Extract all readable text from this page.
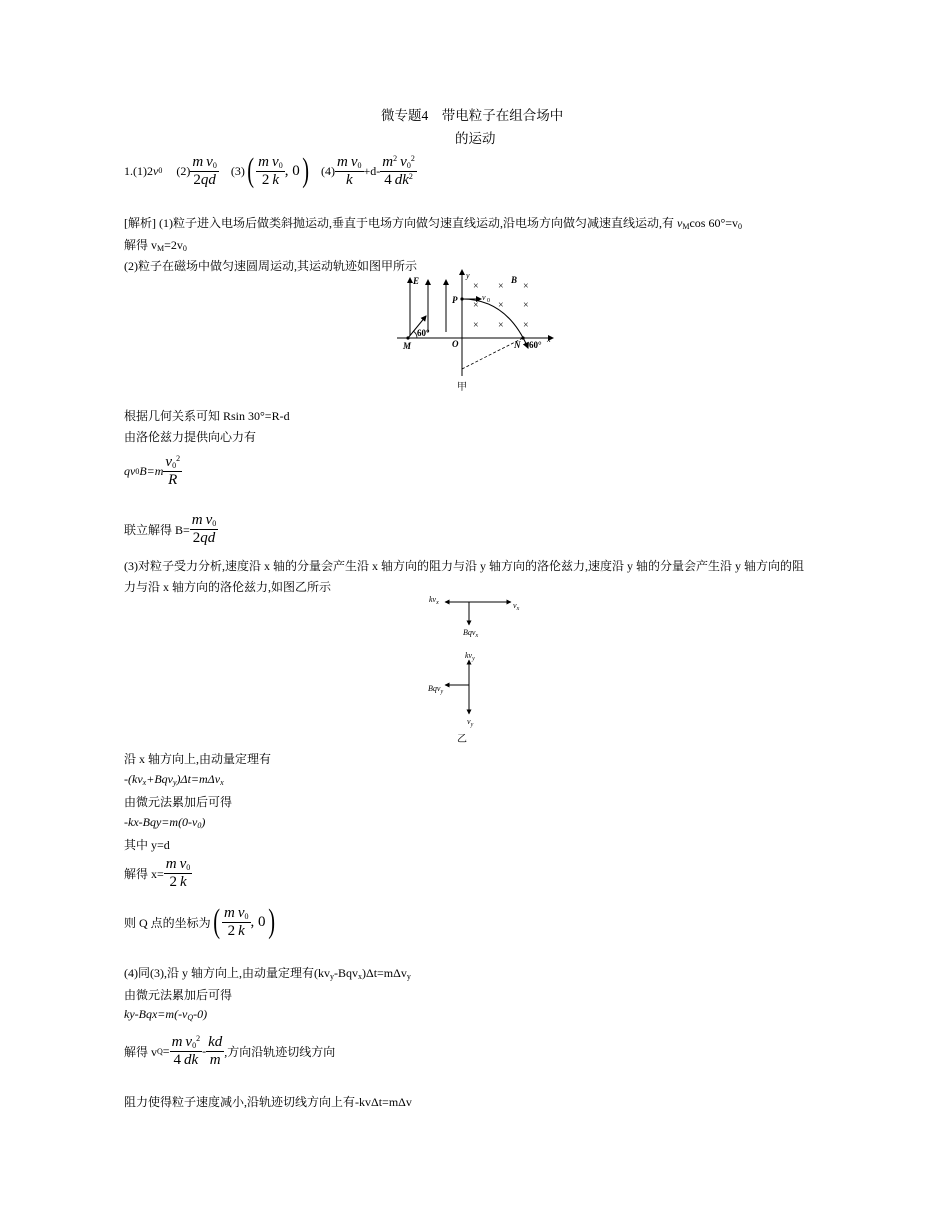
微专题4　带电粒子在组合场中
的运动
1.(1)2 v 0 $(2) \frac{m v_0}{2qd} (3)$ ( $\frac{m v_0}{2 k}$ , 0 ) $(4) \frac{m v_0}{k} +d- \frac{m^2 v_0^2}{4 dk^2}$
[解析] (1)粒子进入电场后做类斜抛运动,垂直于电场方向做匀速直线运动,沿电场方向做匀减速直线运动,有 $v_M\cos$ $60^\circ=v_0$
解得 $v_M=2v_0$
(2)粒子在磁场中做匀速圆周运动,其运动轨迹如图甲所示
E
x
y
× × ×
× × ×
× × ×
B
P	v 0
N 60°
60°
M	O
甲
根据几何关系可知 Rsin 30°=R-d
由洛伦兹力提供向心力有
qv 0 $B=m \frac{v_0^2}{R}$
联立解得 $B= \frac{m v_0}{2qd}$
(3)对粒子受力分析,速度沿 x 轴的分量会产生沿 x 轴方向的阻力与沿 y 轴方向的洛伦兹力,速度沿 y 轴的分量会产生沿 y 轴方向的阻
力与沿 x 轴方向的洛伦兹力,如图乙所示
$kv_x$	$v_x$
Bqv$_x$
$kv_y$
Bqv$_y$
$v_y$
乙
沿 x 轴方向上,由动量定理有
$-(kv_x+Bqv_y)\Delta t=m\Delta v_x$
由微元法累加后可得
$-kx-Bqy=m(0-v_0)$
其中 y=d
解得 $x= \frac{m v_0}{2 k}$
则 Q 点的坐标为 ( $\frac{m v_0}{2 k}$ , 0 )
(4)同(3),沿 y 轴方向上,由动量定理有$(kv_y-Bqv_x)\Delta t=m\Delta v_y$
由微元法累加后可得
$ky-Bqx=m(-v_Q-0)$
解得 v $Q = \frac{m v_0^2}{4 dk} - \frac{kd}{m}$ ,方向沿轨迹切线方向
阻力使得粒子速度减小,沿轨迹切线方向上有-kvΔt=mΔv
